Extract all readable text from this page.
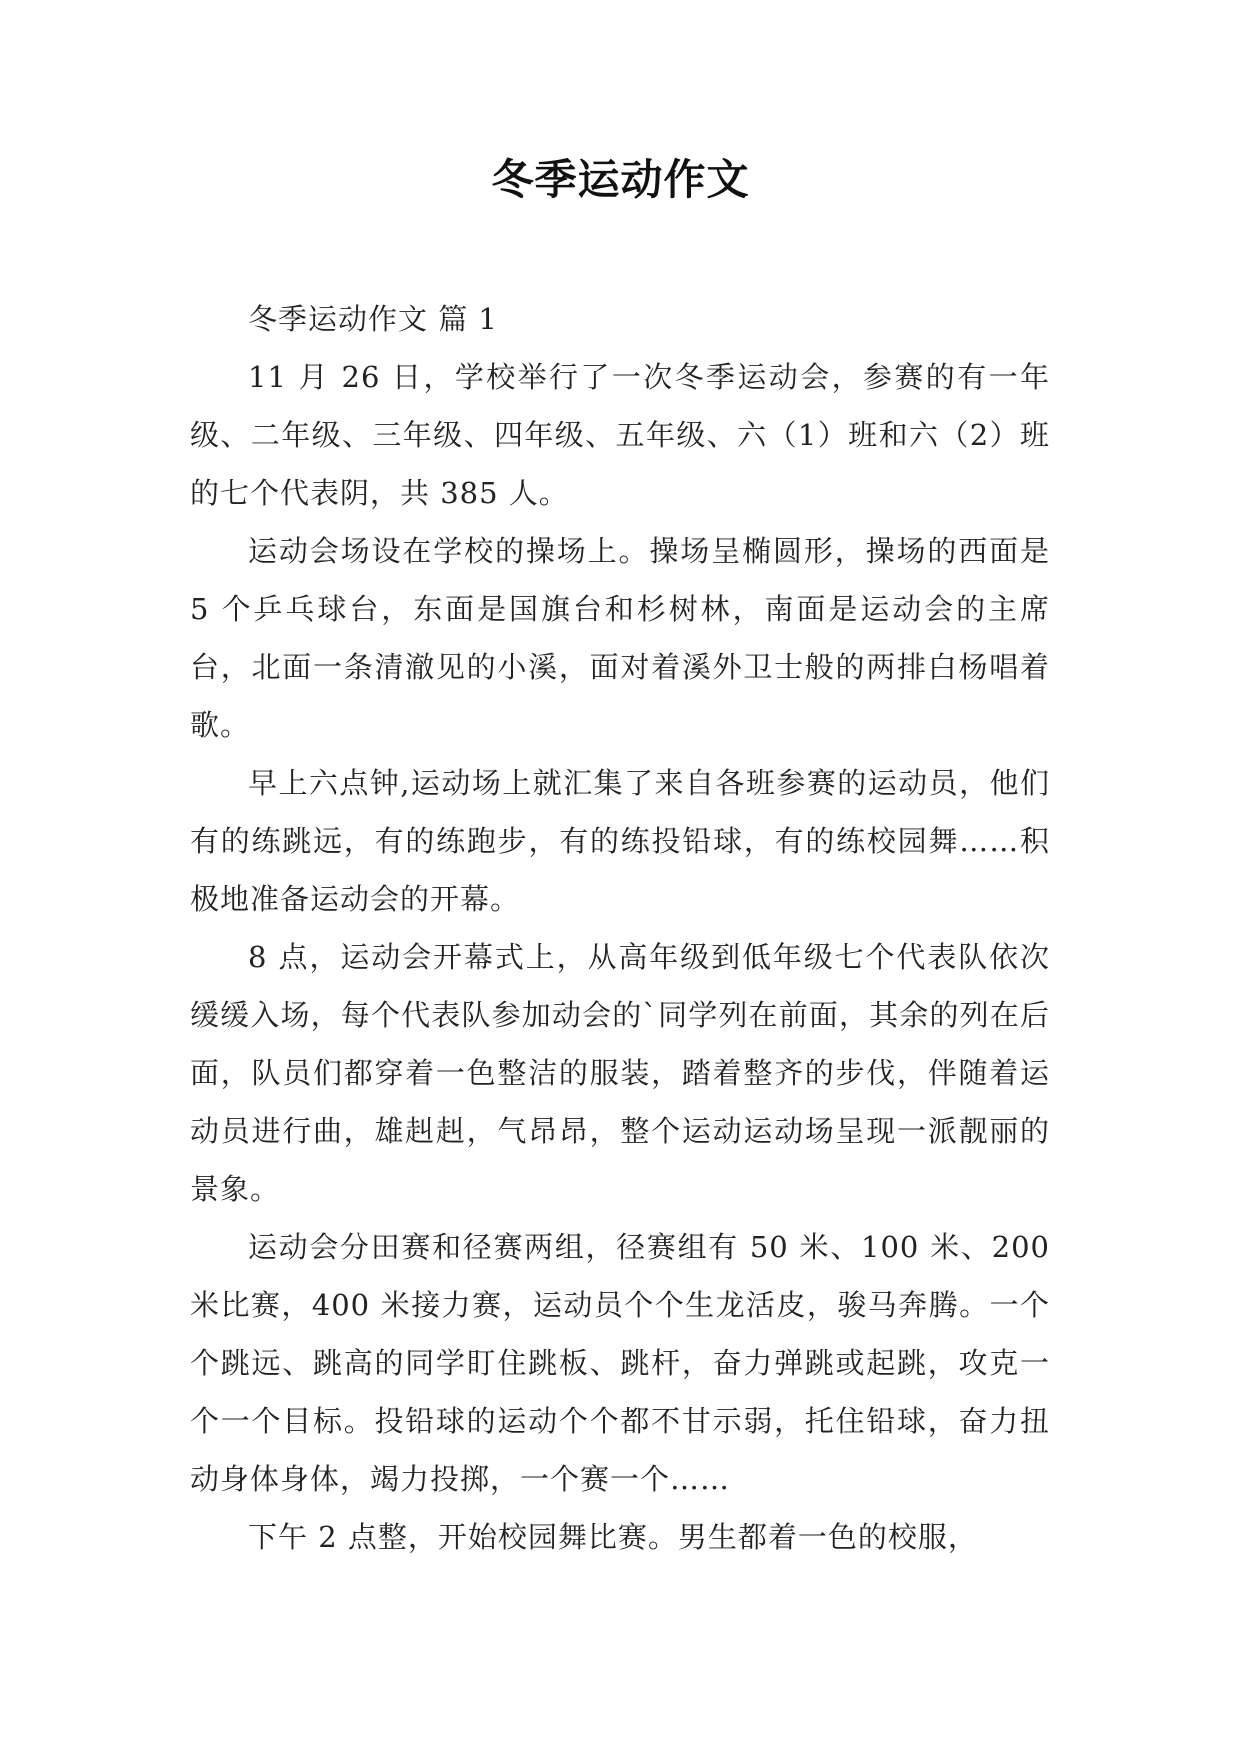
冬季运动作文

冬季运动作文 篇 1

11 月 26 日，学校举行了一次冬季运动会，参赛的有一年级、二年级、三年级、四年级、五年级、六（1）班和六（2）班的七个代表阴，共 385 人。

运动会场设在学校的操场上。操场呈椭圆形，操场的西面是 5 个乒乓球台，东面是国旗台和杉树林，南面是运动会的主席台，北面一条清澈见的小溪，面对着溪外卫士般的两排白杨唱着歌。

早上六点钟,运动场上就汇集了来自各班参赛的运动员，他们有的练跳远，有的练跑步，有的练投铅球，有的练校园舞……积极地准备运动会的开幕。

8 点，运动会开幕式上，从高年级到低年级七个代表队依次缓缓入场，每个代表队参加动会的`同学列在前面，其余的列在后面，队员们都穿着一色整洁的服装，踏着整齐的步伐，伴随着运动员进行曲，雄赳赳，气昂昂，整个运动运动场呈现一派靓丽的景象。

运动会分田赛和径赛两组，径赛组有 50 米、100 米、200 米比赛，400 米接力赛，运动员个个生龙活皮，骏马奔腾。一个个跳远、跳高的同学盯住跳板、跳杆，奋力弹跳或起跳，攻克一个一个目标。投铅球的运动个个都不甘示弱，托住铅球，奋力扭动身体身体，竭力投掷，一个赛一个……

下午 2 点整，开始校园舞比赛。男生都着一色的校服，
